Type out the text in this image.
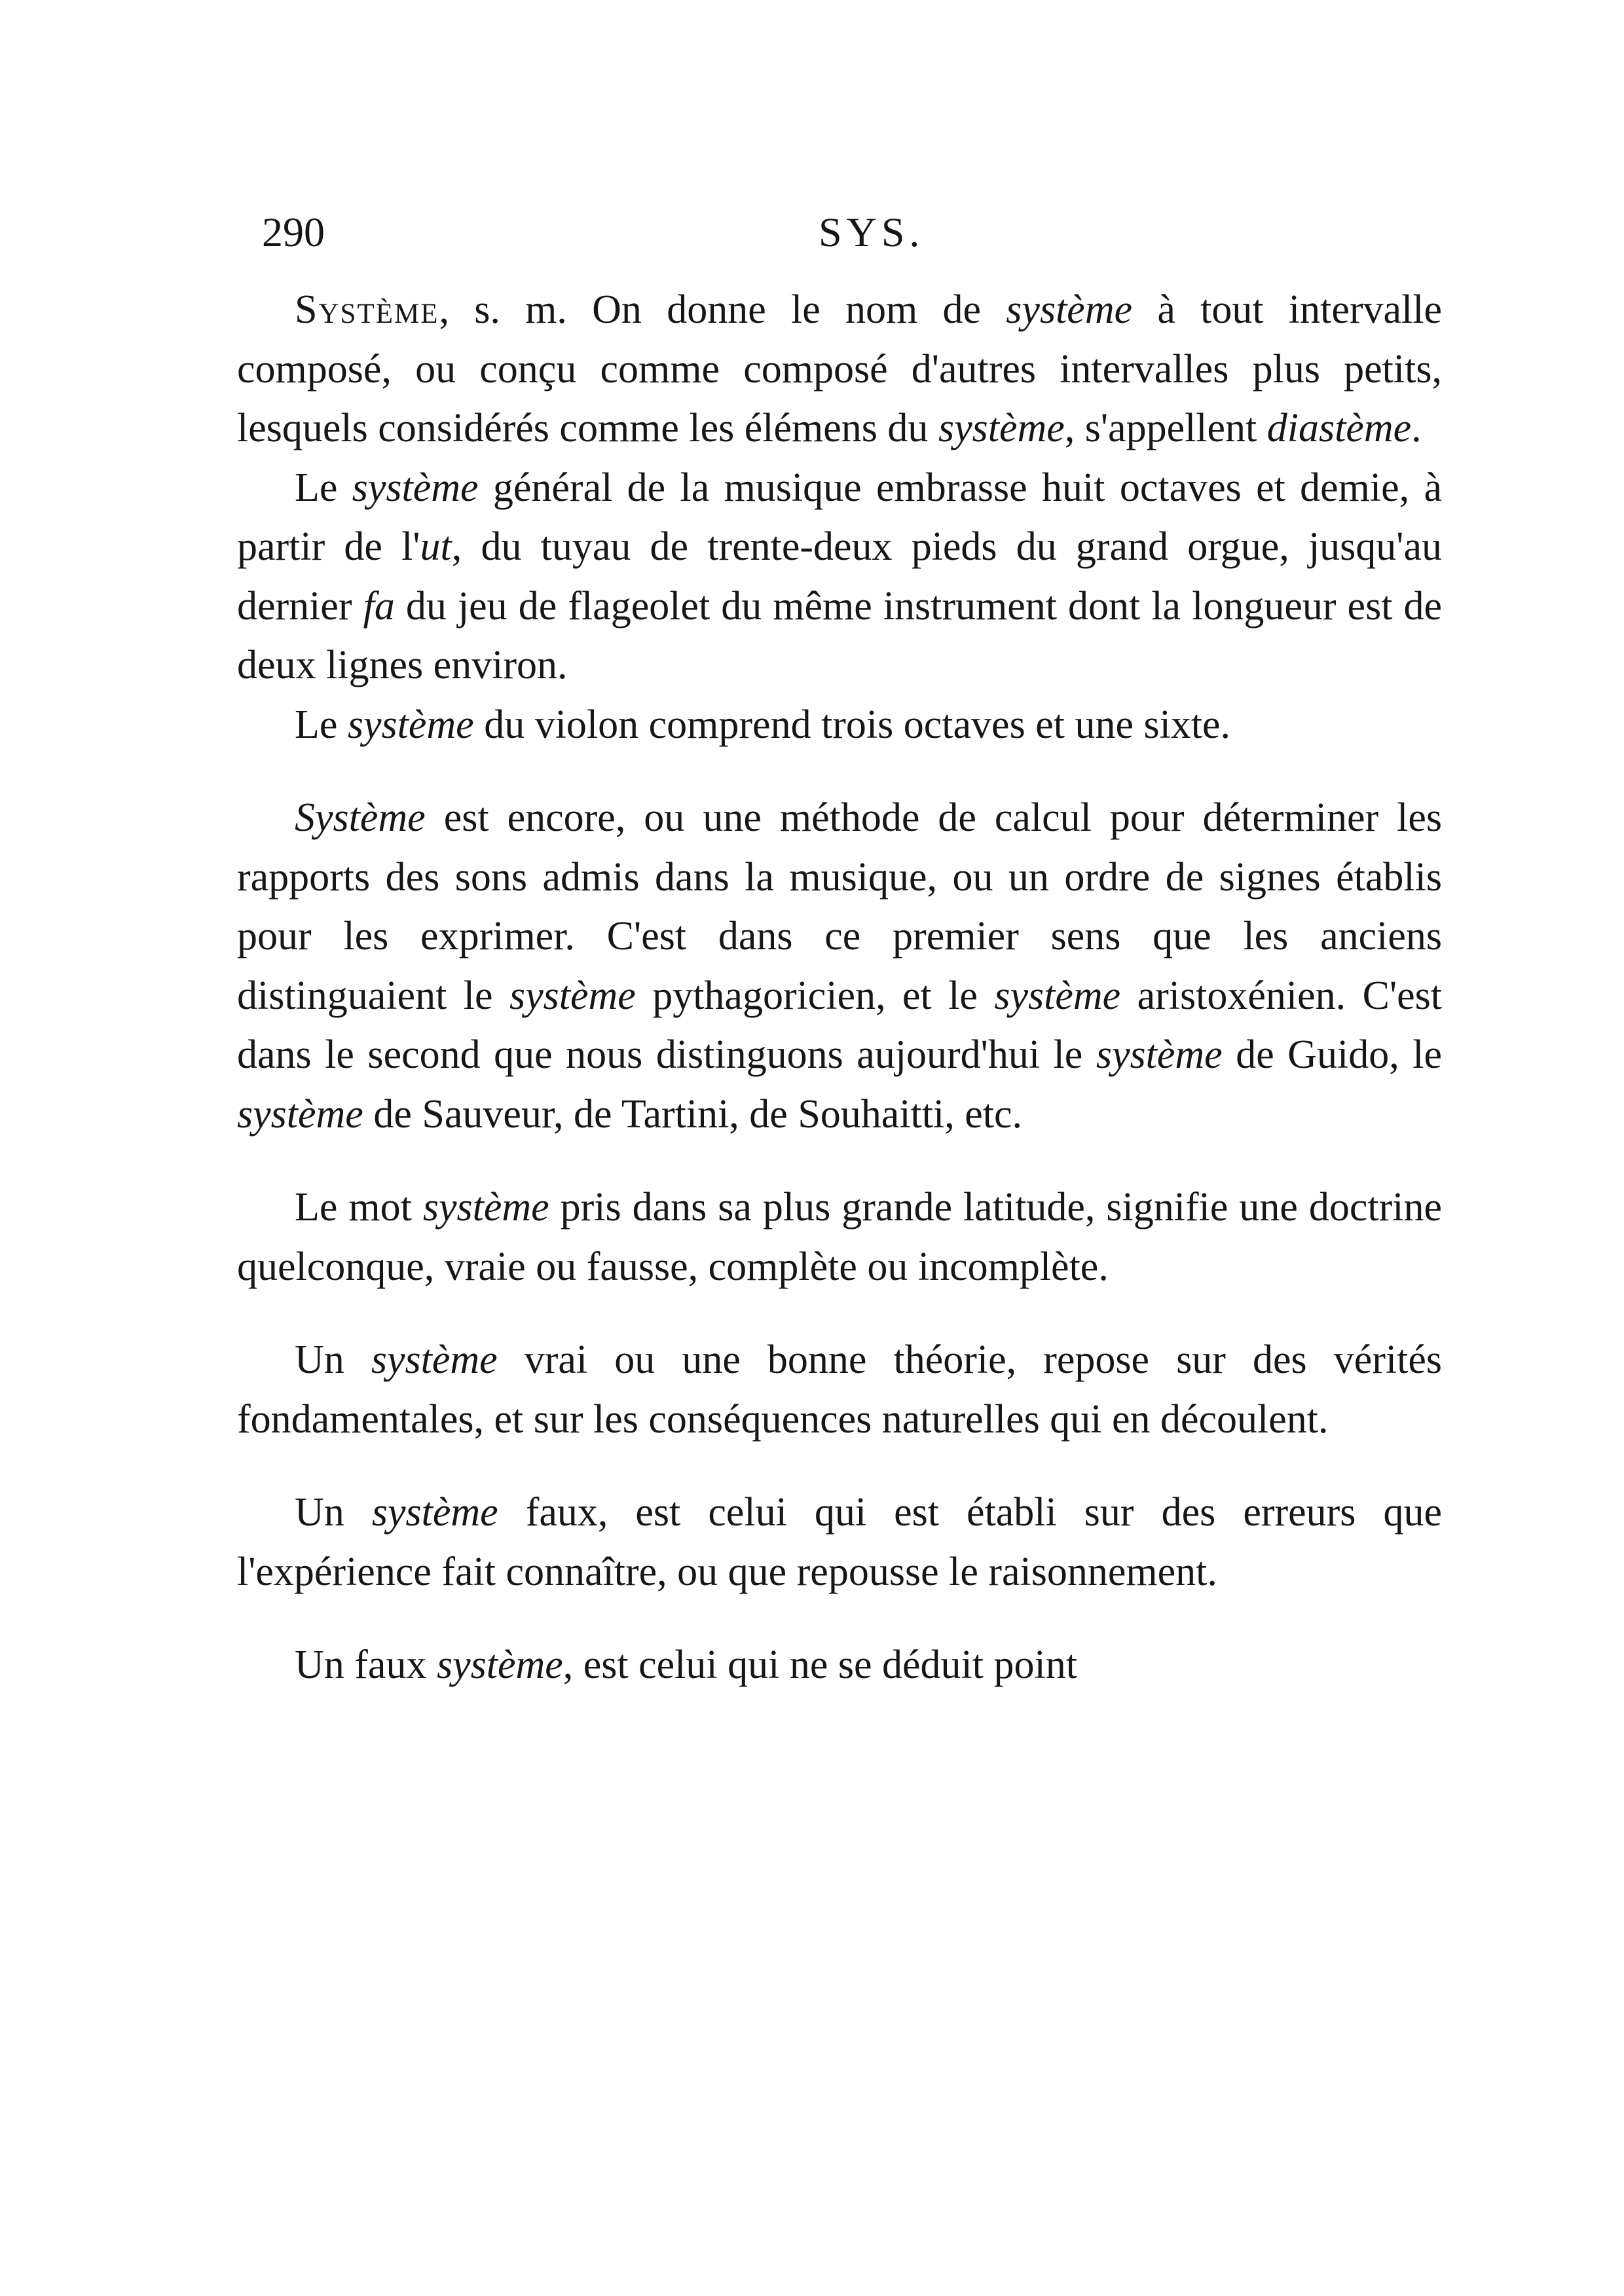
290	SYS.

Système, s. m. On donne le nom de système à tout intervalle composé, ou conçu comme composé d'autres intervalles plus petits, lesquels considérés comme les élémens du système, s'appellent diastème.

Le système général de la musique embrasse huit octaves et demie, à partir de l'ut, du tuyau de trente-deux pieds du grand orgue, jusqu'au dernier fa du jeu de flageolet du même instrument dont la longueur est de deux lignes environ.

Le système du violon comprend trois octaves et une sixte.

Système est encore, ou une méthode de calcul pour déterminer les rapports des sons admis dans la musique, ou un ordre de signes établis pour les exprimer. C'est dans ce premier sens que les anciens distinguaient le système pythagoricien, et le système aristoxénien. C'est dans le second que nous distinguons aujourd'hui le système de Guido, le système de Sauveur, de Tartini, de Souhaitti, etc.

Le mot système pris dans sa plus grande latitude, signifie une doctrine quelconque, vraie ou fausse, complète ou incomplète.

Un système vrai ou une bonne théorie, repose sur des vérités fondamentales, et sur les conséquences naturelles qui en découlent.

Un système faux, est celui qui est établi sur des erreurs que l'expérience fait connaître, ou que repousse le raisonnement.

Un faux système, est celui qui ne se déduit point
